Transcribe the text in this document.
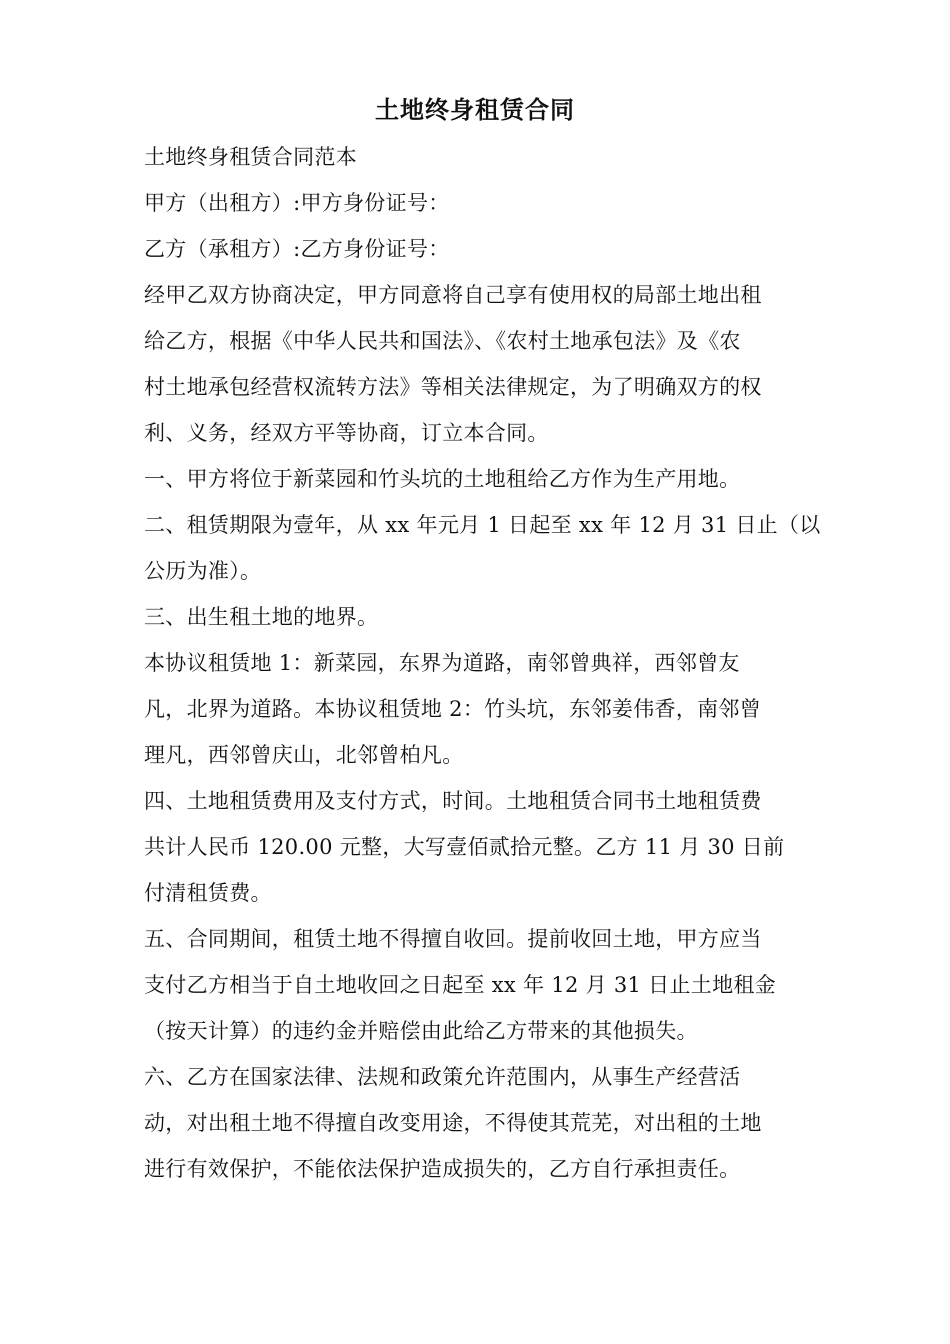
土地终身租赁合同
土地终身租赁合同范本
甲方（出租方）:甲方身份证号：
乙方（承租方）:乙方身份证号：
经甲乙双方协商决定，甲方同意将自己享有使用权的局部土地出租
给乙方，根据《中华人民共和国法》、《农村土地承包法》及《农
村土地承包经营权流转方法》等相关法律规定，为了明确双方的权
利、义务，经双方平等协商，订立本合同。
一、甲方将位于新菜园和竹头坑的土地租给乙方作为生产用地。
二、租赁期限为壹年，从 xx 年元月 1 日起至 xx 年 12 月 31 日止（以
公历为准）。
三、出生租土地的地界。
本协议租赁地 1：新菜园，东界为道路，南邻曾典祥，西邻曾友
凡，北界为道路。本协议租赁地 2：竹头坑，东邻姜伟香，南邻曾
理凡，西邻曾庆山，北邻曾柏凡。
四、土地租赁费用及支付方式，时间。土地租赁合同书土地租赁费
共计人民币 120.00 元整，大写壹佰贰拾元整。乙方 11 月 30 日前
付清租赁费。
五、合同期间，租赁土地不得擅自收回。提前收回土地，甲方应当
支付乙方相当于自土地收回之日起至 xx 年 12 月 31 日止土地租金
（按天计算）的违约金并赔偿由此给乙方带来的其他损失。
六、乙方在国家法律、法规和政策允许范围内，从事生产经营活
动，对出租土地不得擅自改变用途，不得使其荒芜，对出租的土地
进行有效保护，不能依法保护造成损失的，乙方自行承担责任。
